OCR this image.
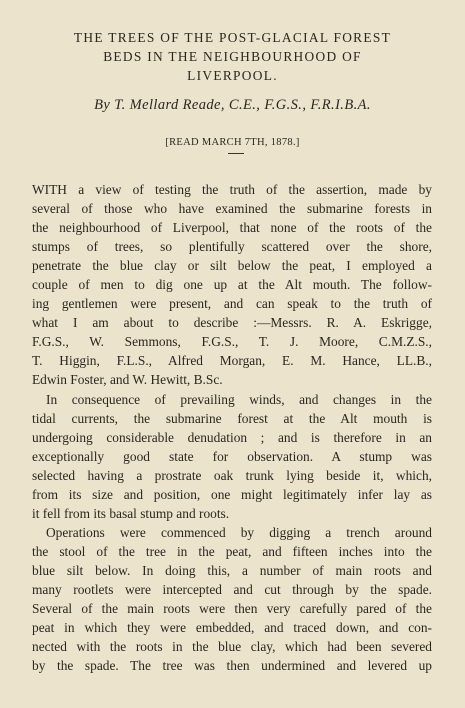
THE TREES OF THE POST-GLACIAL FOREST
BEDS IN THE NEIGHBOURHOOD OF
LIVERPOOL.
By T. Mellard Reade, C.E., F.G.S., F.R.I.B.A.
[READ MARCH 7TH, 1878.]
WITH a view of testing the truth of the assertion, made by
several of those who have examined the submarine forests in
the neighbourhood of Liverpool, that none of the roots of the
stumps of trees, so plentifully scattered over the shore,
penetrate the blue clay or silt below the peat, I employed a
couple of men to dig one up at the Alt mouth. The follow-
ing gentlemen were present, and can speak to the truth of
what I am about to describe :—Messrs. R. A. Eskrigge,
F.G.S., W. Semmons, F.G.S., T. J. Moore, C.M.Z.S.,
T. Higgin, F.L.S., Alfred Morgan, E. M. Hance, LL.B.,
Edwin Foster, and W. Hewitt, B.Sc.
In consequence of prevailing winds, and changes in the
tidal currents, the submarine forest at the Alt mouth is
undergoing considerable denudation ; and is therefore in an
exceptionally good state for observation. A stump was
selected having a prostrate oak trunk lying beside it, which,
from its size and position, one might legitimately infer lay as
it fell from its basal stump and roots.
Operations were commenced by digging a trench around
the stool of the tree in the peat, and fifteen inches into the
blue silt below. In doing this, a number of main roots and
many rootlets were intercepted and cut through by the spade.
Several of the main roots were then very carefully pared of the
peat in which they were embedded, and traced down, and con-
nected with the roots in the blue clay, which had been severed
by the spade. The tree was then undermined and levered up
